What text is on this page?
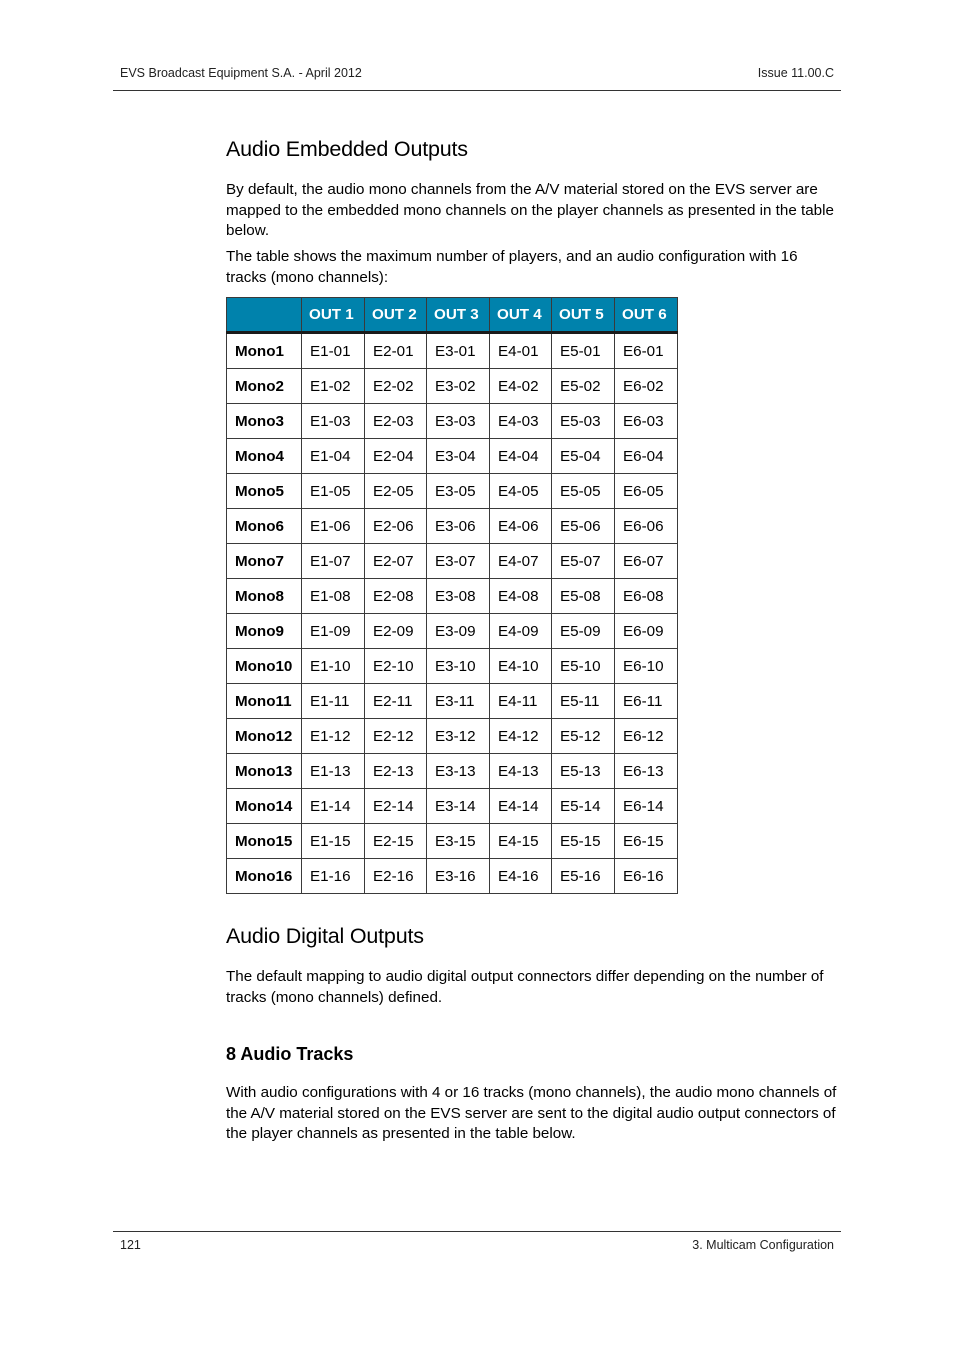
EVS Broadcast Equipment S.A. - April 2012	Issue 11.00.C
Audio Embedded Outputs

By default, the audio mono channels from the A/V material stored on the EVS server are mapped to the embedded mono channels on the player channels as presented in the table below.

The table shows the maximum number of players, and an audio configuration with 16 tracks (mono channels):

	OUT 1	OUT 2	OUT 3	OUT 4	OUT 5	OUT 6
Mono1	E1-01	E2-01	E3-01	E4-01	E5-01	E6-01
Mono2	E1-02	E2-02	E3-02	E4-02	E5-02	E6-02
Mono3	E1-03	E2-03	E3-03	E4-03	E5-03	E6-03
Mono4	E1-04	E2-04	E3-04	E4-04	E5-04	E6-04
Mono5	E1-05	E2-05	E3-05	E4-05	E5-05	E6-05
Mono6	E1-06	E2-06	E3-06	E4-06	E5-06	E6-06
Mono7	E1-07	E2-07	E3-07	E4-07	E5-07	E6-07
Mono8	E1-08	E2-08	E3-08	E4-08	E5-08	E6-08
Mono9	E1-09	E2-09	E3-09	E4-09	E5-09	E6-09
Mono10	E1-10	E2-10	E3-10	E4-10	E5-10	E6-10
Mono11	E1-11	E2-11	E3-11	E4-11	E5-11	E6-11
Mono12	E1-12	E2-12	E3-12	E4-12	E5-12	E6-12
Mono13	E1-13	E2-13	E3-13	E4-13	E5-13	E6-13
Mono14	E1-14	E2-14	E3-14	E4-14	E5-14	E6-14
Mono15	E1-15	E2-15	E3-15	E4-15	E5-15	E6-15
Mono16	E1-16	E2-16	E3-16	E4-16	E5-16	E6-16
Audio Digital Outputs

The default mapping to audio digital output connectors differ depending on the number of tracks (mono channels) defined.

8 Audio Tracks

With audio configurations with 4 or 16 tracks (mono channels), the audio mono channels of the A/V material stored on the EVS server are sent to the digital audio output connectors of the player channels as presented in the table below.

121	3. Multicam Configuration
